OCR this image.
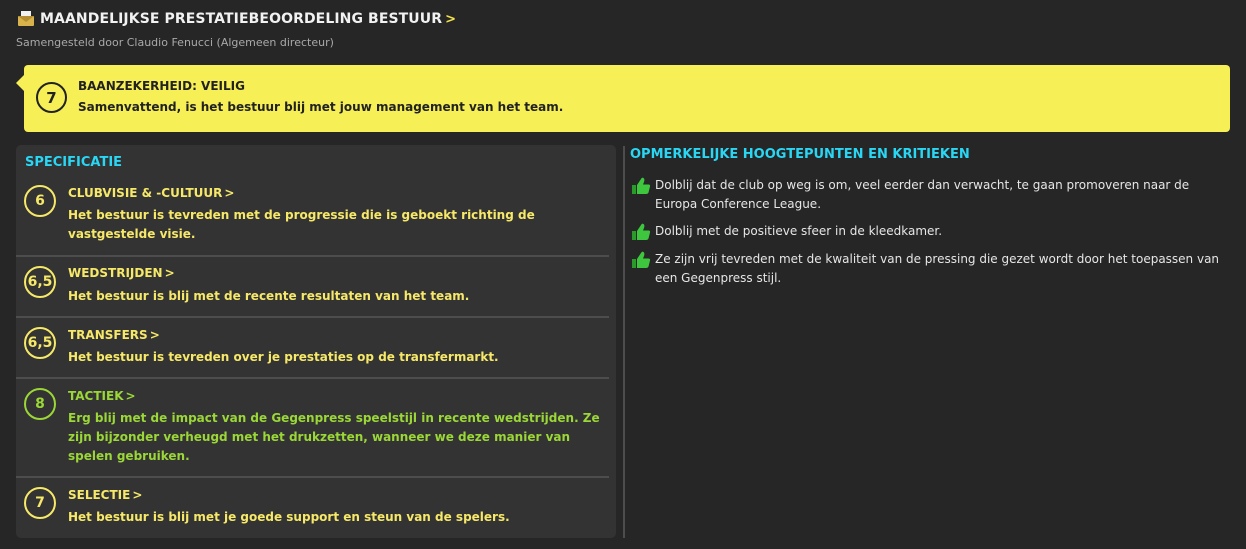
MAANDELIJKSE PRESTATIEBEOORDELING BESTUUR >
Samengesteld door Claudio Fenucci (Algemeen directeur)
7
BAANZEKERHEID: VEILIG
Samenvattend, is het bestuur blij met jouw management van het team.
SPECIFICATIE
6	CLUBVISIE & -CULTUUR >
Het bestuur is tevreden met de progressie die is geboekt richting de vastgestelde visie.
6,5
WEDSTRIJDEN >
Het bestuur is blij met de recente resultaten van het team.
6,5 TRANSFERS >
Het bestuur is tevreden over je prestaties op de transfermarkt.
8	TACTIEK >
Erg blij met de impact van de Gegenpress speelstijl in recente wedstrijden. Ze zijn bijzonder verheugd met het drukzetten, wanneer we deze manier van spelen gebruiken.
7	SELECTIE >
Het bestuur is blij met je goede support en steun van de spelers.
OPMERKELIJKE HOOGTEPUNTEN EN KRITIEKEN
Dolblij dat de club op weg is om, veel eerder dan verwacht, te gaan promoveren naar de Europa Conference League.
Dolblij met de positieve sfeer in de kleedkamer.
Ze zijn vrij tevreden met de kwaliteit van de pressing die gezet wordt door het toepassen van een Gegenpress stijl.
